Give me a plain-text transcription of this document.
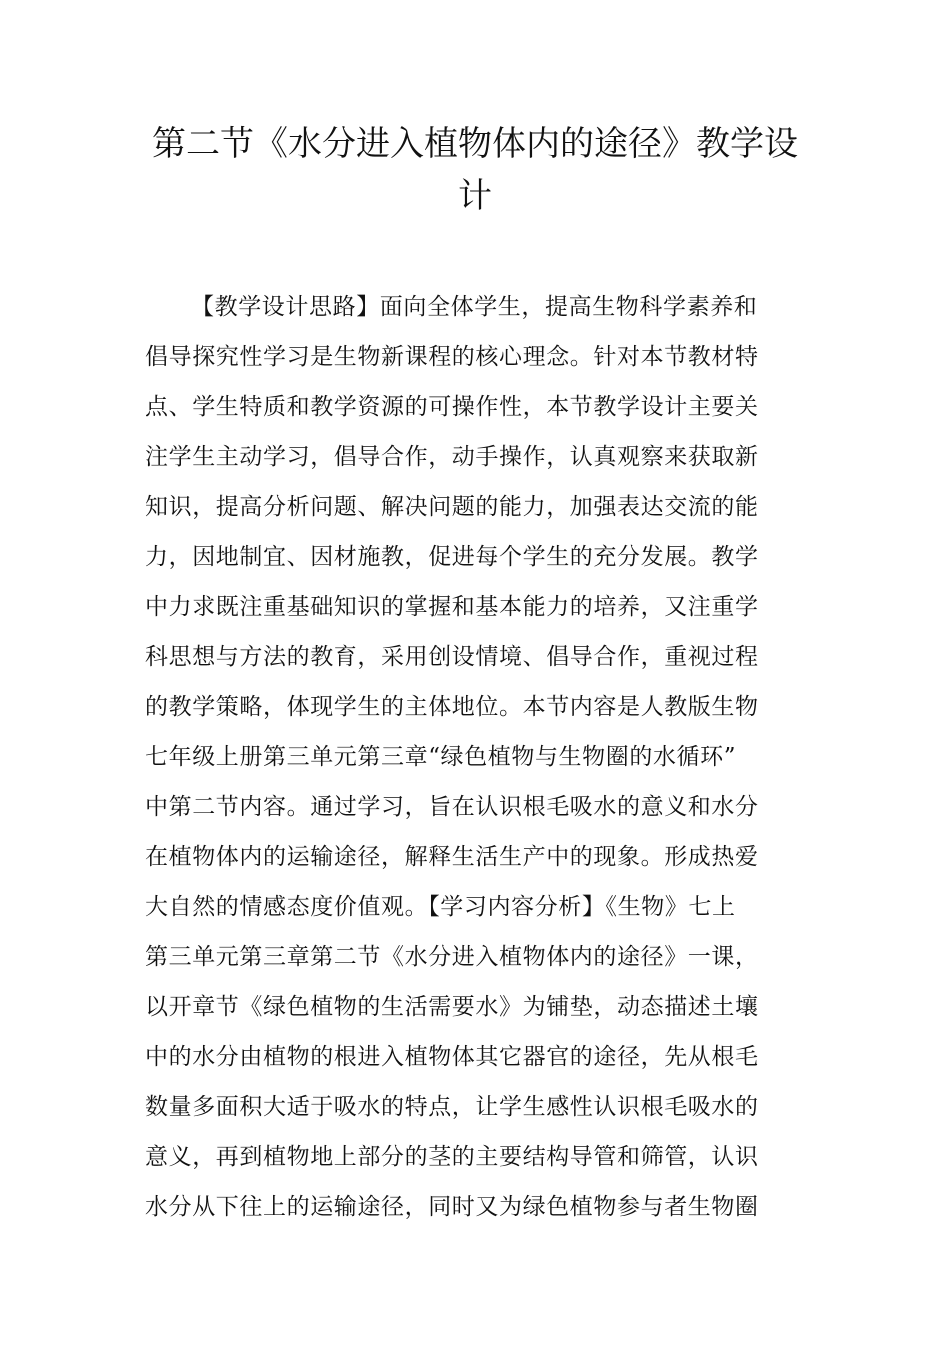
第二节《水分进入植物体内的途径》教学设
计
【教学设计思路】面向全体学生，提高生物科学素养和
倡导探究性学习是生物新课程的核心理念。针对本节教材特
点、学生特质和教学资源的可操作性，本节教学设计主要关
注学生主动学习，倡导合作，动手操作，认真观察来获取新
知识，提高分析问题、解决问题的能力，加强表达交流的能
力，因地制宜、因材施教，促进每个学生的充分发展。教学
中力求既注重基础知识的掌握和基本能力的培养，又注重学
科思想与方法的教育，采用创设情境、倡导合作，重视过程
的教学策略，体现学生的主体地位。本节内容是人教版生物
七年级上册第三单元第三章“绿色植物与生物圈的水循环”
中第二节内容。通过学习，旨在认识根毛吸水的意义和水分
在植物体内的运输途径，解释生活生产中的现象。形成热爱
大自然的情感态度价值观。【学习内容分析】《生物》七上
第三单元第三章第二节《水分进入植物体内的途径》一课，
以开章节《绿色植物的生活需要水》为铺垫，动态描述土壤
中的水分由植物的根进入植物体其它器官的途径，先从根毛
数量多面积大适于吸水的特点，让学生感性认识根毛吸水的
意义，再到植物地上部分的茎的主要结构导管和筛管，认识
水分从下往上的运输途径，同时又为绿色植物参与者生物圈
